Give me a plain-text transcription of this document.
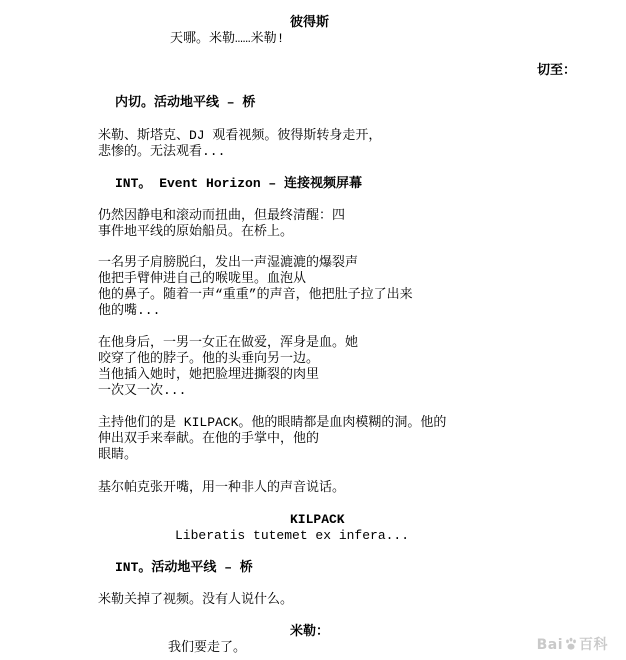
彼得斯
天哪。米勒……米勒!
切至：
内切。活动地平线 – 桥
米勒、斯塔克、DJ 观看视频。彼得斯转身走开，
悲惨的。无法观看...
INT。 Event Horizon – 连接视频屏幕
仍然因静电和滚动而扭曲，但最终清醒：四
事件地平线的原始船员。在桥上。
一名男子肩膀脱臼，发出一声湿漉漉的爆裂声
他把手臂伸进自己的喉咙里。血泡从
他的鼻子。随着一声“重重”的声音，他把肚子拉了出来
他的嘴...
在他身后，一男一女正在做爱，浑身是血。她
咬穿了他的脖子。他的头垂向另一边。
当他插入她时，她把脸埋进撕裂的肉里
一次又一次...
主持他们的是 KILPACK。他的眼睛都是血肉模糊的洞。他的
伸出双手来奉献。在他的手掌中，他的
眼睛。
基尔帕克张开嘴，用一种非人的声音说话。
KILPACK
Liberatis tutemet ex infera...
INT。活动地平线 – 桥
米勒关掉了视频。没有人说什么。
米勒：
我们要走了。	Bai 百科
